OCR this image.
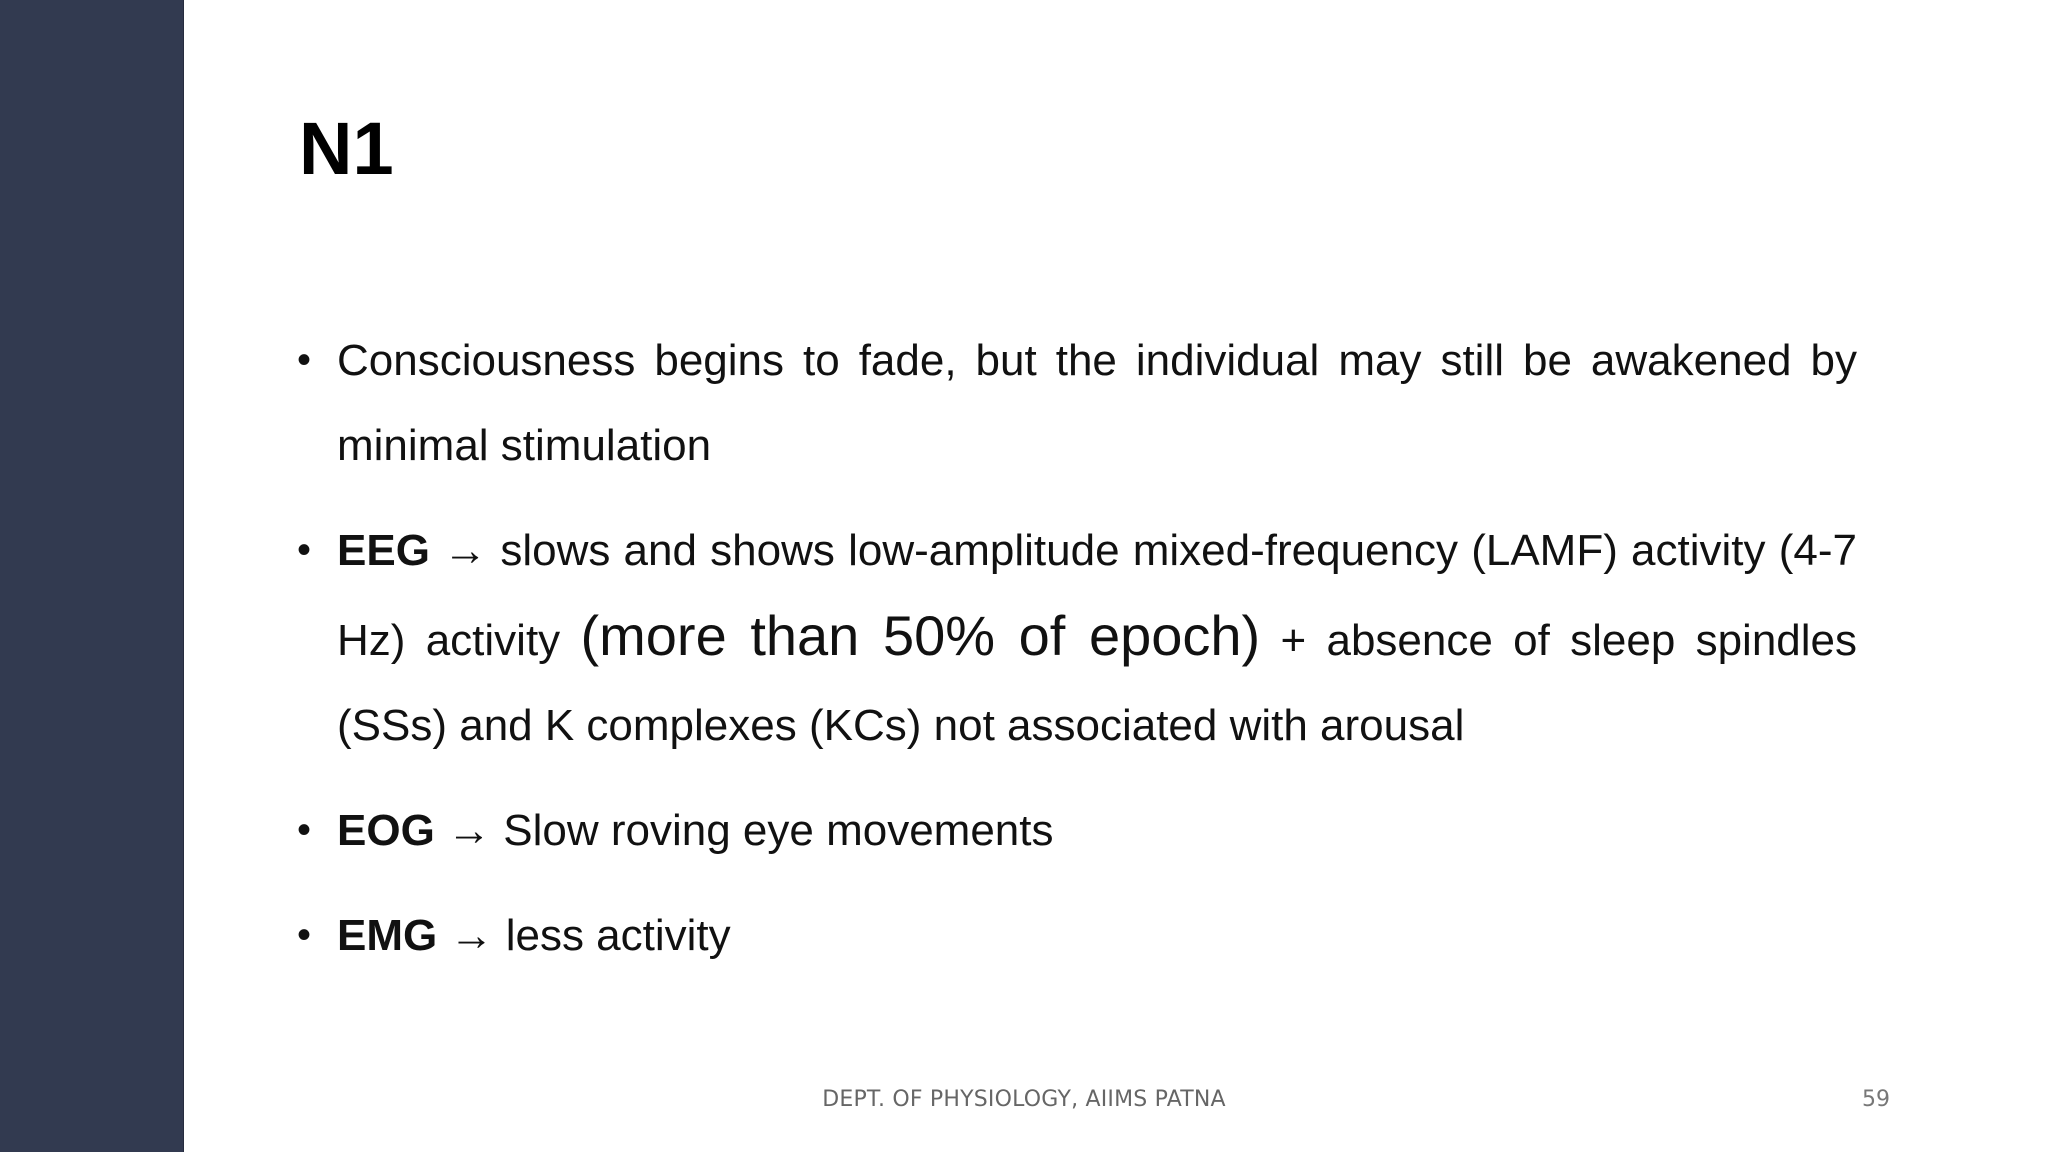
N1
• Consciousness begins to fade, but the individual may still be awakened by minimal stimulation
• EEG → slows and shows low-amplitude mixed-frequency (LAMF) activity (4-7 Hz) activity (more than 50% of epoch) + absence of sleep spindles (SSs) and K complexes (KCs) not associated with arousal
• EOG → Slow roving eye movements
• EMG → less activity
DEPT. OF PHYSIOLOGY, AIIMS PATNA	59
